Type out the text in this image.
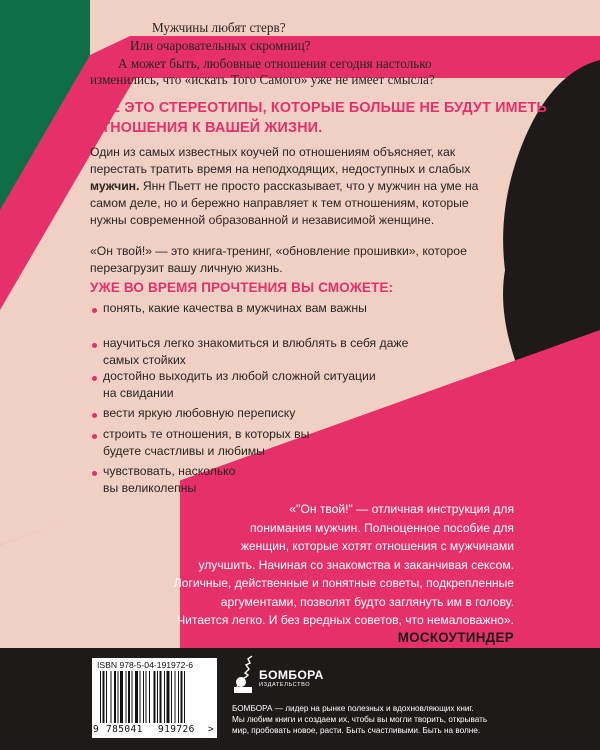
Мужчины любят стерв?
Или очаровательных скромниц?
А может быть, любовные отношения сегодня настолько
изменились, что «искать Того Самого» уже не имеет смысла?
ВСЕ ЭТО СТЕРЕОТИПЫ, КОТОРЫЕ БОЛЬШЕ НЕ БУДУТ ИМЕТЬ
ОТНОШЕНИЯ К ВАШЕЙ ЖИЗНИ.
Один из самых известных коучей по отношениям объясняет, как
перестать тратить время на неподходящих, недоступных и слабых
мужчин. Янн Пьетт не просто рассказывает, что у мужчин на уме на
самом деле, но и бережно направляет к тем отношениям, которые
нужны современной образованной и независимой женщине.
«Он твой!» — это книга-тренинг, «обновление прошивки», которое
перезагрузит вашу личную жизнь.
УЖЕ ВО ВРЕМЯ ПРОЧТЕНИЯ ВЫ СМОЖЕТЕ:
понять, какие качества в мужчинах вам важны
научиться легко знакомиться и влюблять в себя даже
самых стойких
достойно выходить из любой сложной ситуации
на свидании
вести яркую любовную переписку
строить те отношения, в которых вы
будете счастливы и любимы
чувствовать, насколько
вы великолепны
«"Он твой!" — отличная инструкция для
понимания мужчин. Полноценное пособие для
женщин, которые хотят отношения с мужчинами
улучшить. Начиная со знакомства и заканчивая сексом.
Логичные, действенные и понятные советы, подкрепленные
аргументами, позволят будто заглянуть им в голову.
Читается легко. И без вредных советов, что немаловажно».
МОСКОУТИНДЕР
ISBN 978-5-04-191972-6
9 785041 919726 >
БОМБОРА
ИЗДАТЕЛЬСТВО
БОМБОРА — лидер на рынке полезных и вдохновляющих книг.
Мы любим книги и создаем их, чтобы вы могли творить, открывать
мир, пробовать новое, расти. Быть счастливыми. Быть на волне.
